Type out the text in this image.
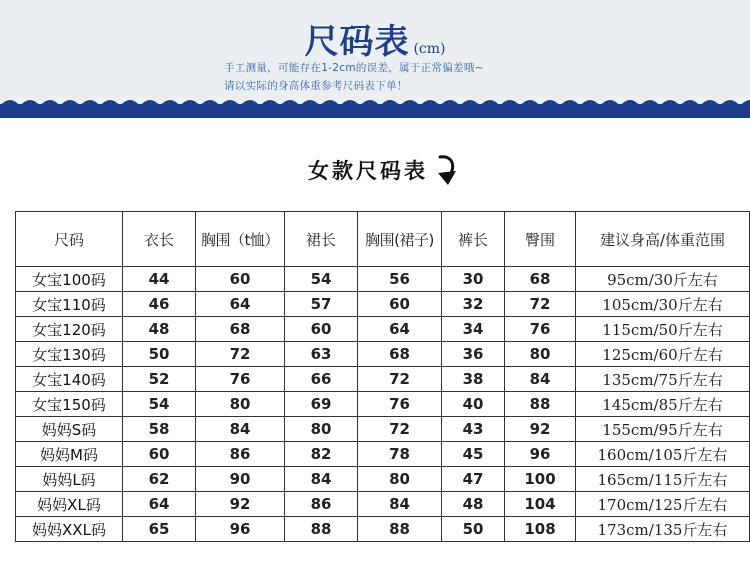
尺码表 (cm)
手工测量，可能存在1-2cm的误差，属于正常偏差哦~
请以实际的身高体重参考尺码表下单！
女款尺码表
尺码	衣长	胸围（t恤）	裙长	胸围(裙子)	裤长	臀围	建议身高/体重范围
女宝100码	44	60	54	56	30	68	95cm/30斤左右
女宝110码	46	64	57	60	32	72	105cm/30斤左右
女宝120码	48	68	60	64	34	76	115cm/50斤左右
女宝130码	50	72	63	68	36	80	125cm/60斤左右
女宝140码	52	76	66	72	38	84	135cm/75斤左右
女宝150码	54	80	69	76	40	88	145cm/85斤左右
妈妈S码	58	84	80	72	43	92	155cm/95斤左右
妈妈M码	60	86	82	78	45	96	160cm/105斤左右
妈妈L码	62	90	84	80	47	100	165cm/115斤左右
妈妈XL码	64	92	86	84	48	104	170cm/125斤左右
妈妈XXL码	65	96	88	88	50	108	173cm/135斤左右
